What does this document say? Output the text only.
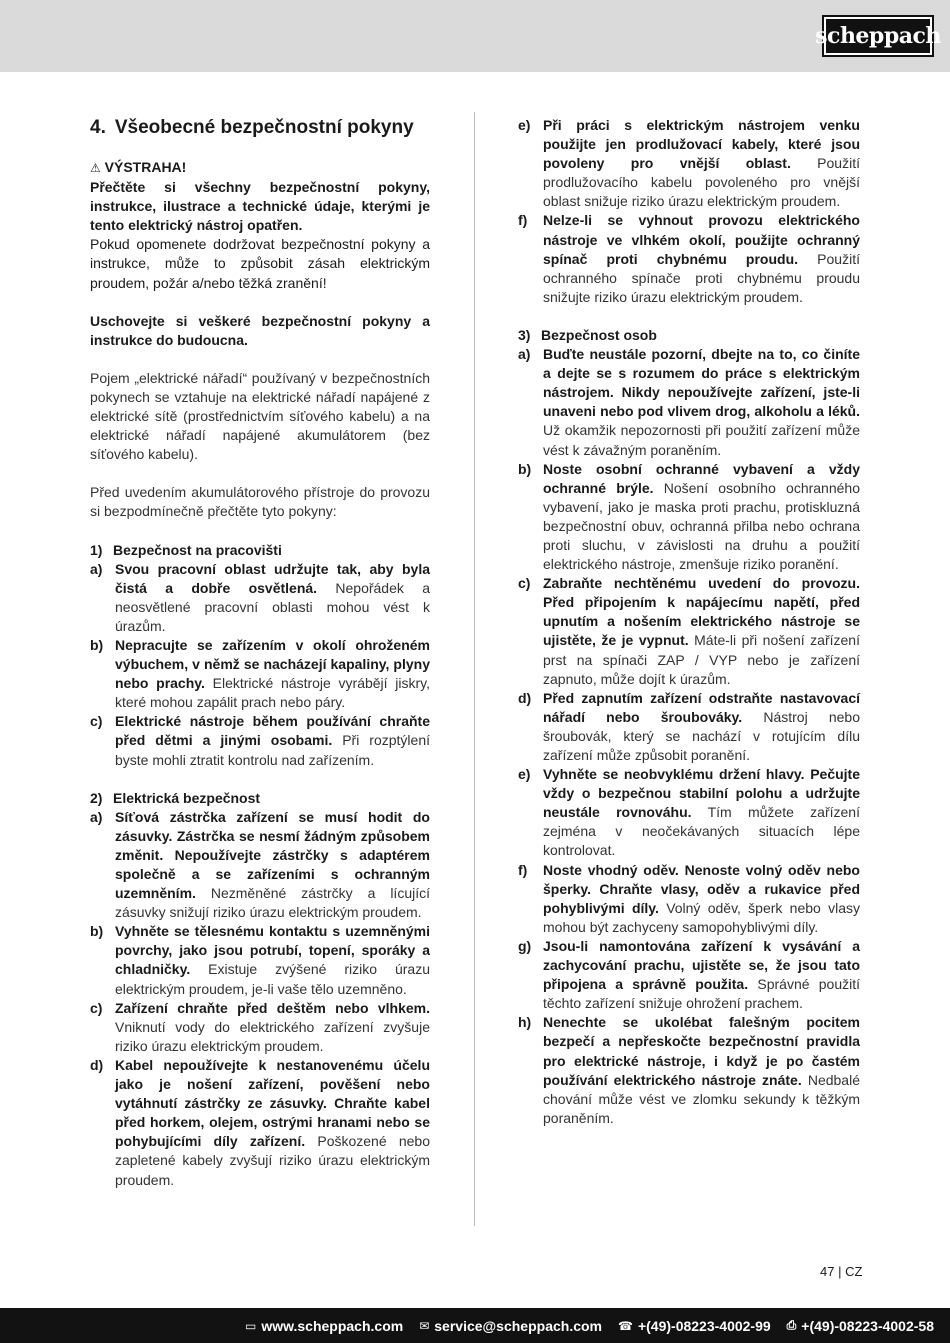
scheppach
4. Všeobecné bezpečnostní pokyny

⚠ VÝSTRAHA!

Přečtěte si všechny bezpečnostní pokyny, instrukce, ilustrace a technické údaje, kterými je tento elektrický nástroj opatřen.

Pokud opomenete dodržovat bezpečnostní pokyny a instrukce, může to způsobit zásah elektrickým proudem, požár a/nebo těžká zranění!

Uschovejte si veškeré bezpečnostní pokyny a instrukce do budoucna.

Pojem „elektrické nářadí“ používaný v bezpečnostních pokynech se vztahuje na elektrické nářadí napájené z elektrické sítě (prostřednictvím síťového kabelu) a na elektrické nářadí napájené akumulátorem (bez síťového kabelu).

Před uvedením akumulátorového přístroje do provozu si bezpodmínečně přečtěte tyto pokyny:

1) Bezpečnost na pracovišti
a) Svou pracovní oblast udržujte tak, aby byla čistá a dobře osvětlená. Nepořádek a neosvětlené pracovní oblasti mohou vést k úrazům.
b) Nepracujte se zařízením v okolí ohroženém výbuchem, v němž se nacházejí kapaliny, plyny nebo prachy. Elektrické nástroje vyrábějí jiskry, které mohou zapálit prach nebo páry.
c) Elektrické nástroje během používání chraňte před dětmi a jinými osobami. Při rozptýlení byste mohli ztratit kontrolu nad zařízením.
2) Elektrická bezpečnost
a) Síťová zástrčka zařízení se musí hodit do zásuvky. Zástrčka se nesmí žádným způsobem změnit. Nepoužívejte zástrčky s adaptérem společně a se zařízeními s ochranným uzemněním. Nezměněné zástrčky a lícující zásuvky snižují riziko úrazu elektrickým proudem.
b) Vyhněte se tělesnému kontaktu s uzemněnými povrchy, jako jsou potrubí, topení, sporáky a chladničky. Existuje zvýšené riziko úrazu elektrickým proudem, je-li vaše tělo uzemněno.
c) Zařízení chraňte před deštěm nebo vlhkem. Vniknutí vody do elektrického zařízení zvyšuje riziko úrazu elektrickým proudem.
d) Kabel nepoužívejte k nestanovenému účelu jako je nošení zařízení, pověšení nebo vytáhnutí zástrčky ze zásuvky. Chraňte kabel před horkem, olejem, ostrými hranami nebo se pohybujícími díly zařízení. Poškozené nebo zapletené kabely zvyšují riziko úrazu elektrickým proudem.
e) Při práci s elektrickým nástrojem venku použijte jen prodlužovací kabely, které jsou povoleny pro vnější oblast. Použití prodlužovacího kabelu povoleného pro vnější oblast snižuje riziko úrazu elektrickým proudem.
f)	Nelze-li se vyhnout provozu elektrického nástroje ve vlhkém okolí, použijte ochranný spínač proti chybnému proudu. Použití ochranného spínače proti chybnému proudu snižujte riziko úrazu elektrickým proudem.
3) Bezpečnost osob
a) Buďte neustále pozorní, dbejte na to, co činíte a dejte se s rozumem do práce s elektrickým nástrojem. Nikdy nepoužívejte zařízení, jste-li unaveni nebo pod vlivem drog, alkoholu a léků. Už okamžik nepozornosti při použití zařízení může vést k závažným poraněním.
b) Noste osobní ochranné vybavení a vždy ochranné brýle. Nošení osobního ochranného vybavení, jako je maska proti prachu, protiskluzná bezpečnostní obuv, ochranná přilba nebo ochrana proti sluchu, v závislosti na druhu a použití elektrického nástroje, zmenšuje riziko poranění.
c) Zabraňte nechtěnému uvedení do provozu. Před připojením k napájecímu napětí, před upnutím a nošením elektrického nástroje se ujistěte, že je vypnut. Máte-li při nošení zařízení prst na spínači ZAP / VYP nebo je zařízení zapnuto, může dojít k úrazům.
d) Před zapnutím zařízení odstraňte nastavovací nářadí nebo šroubováky. Nástroj nebo šroubovák, který se nachází v rotujícím dílu zařízení může způsobit poranění.
e) Vyhněte se neobvyklému držení hlavy. Pečujte vždy o bezpečnou stabilní polohu a udržujte neustále rovnováhu. Tím můžete zařízení zejména v neočekávaných situacích lépe kontrolovat.
f)	Noste vhodný oděv. Nenoste volný oděv nebo šperky. Chraňte vlasy, oděv a rukavice před pohyblivými díly. Volný oděv, šperk nebo vlasy mohou být zachyceny samopohyblivými díly.
g) Jsou-li namontována zařízení k vysávání a zachycování prachu, ujistěte se, že jsou tato připojena a správně použita. Správné použití těchto zařízení snižuje ohrožení prachem.
h) Nenechte se ukolébat falešným pocitem bezpečí a nepřeskočte bezpečnostní pravidla pro elektrické nástroje, i když je po častém používání elektrického nástroje znáte. Nedbalé chování může vést ve zlomku sekundy k těžkým poraněním.
47 | CZ
▭ www.scheppach.com ✉ service@scheppach.com ☎ +(49)-08223-4002-99 ⎙ +(49)-08223-4002-58
